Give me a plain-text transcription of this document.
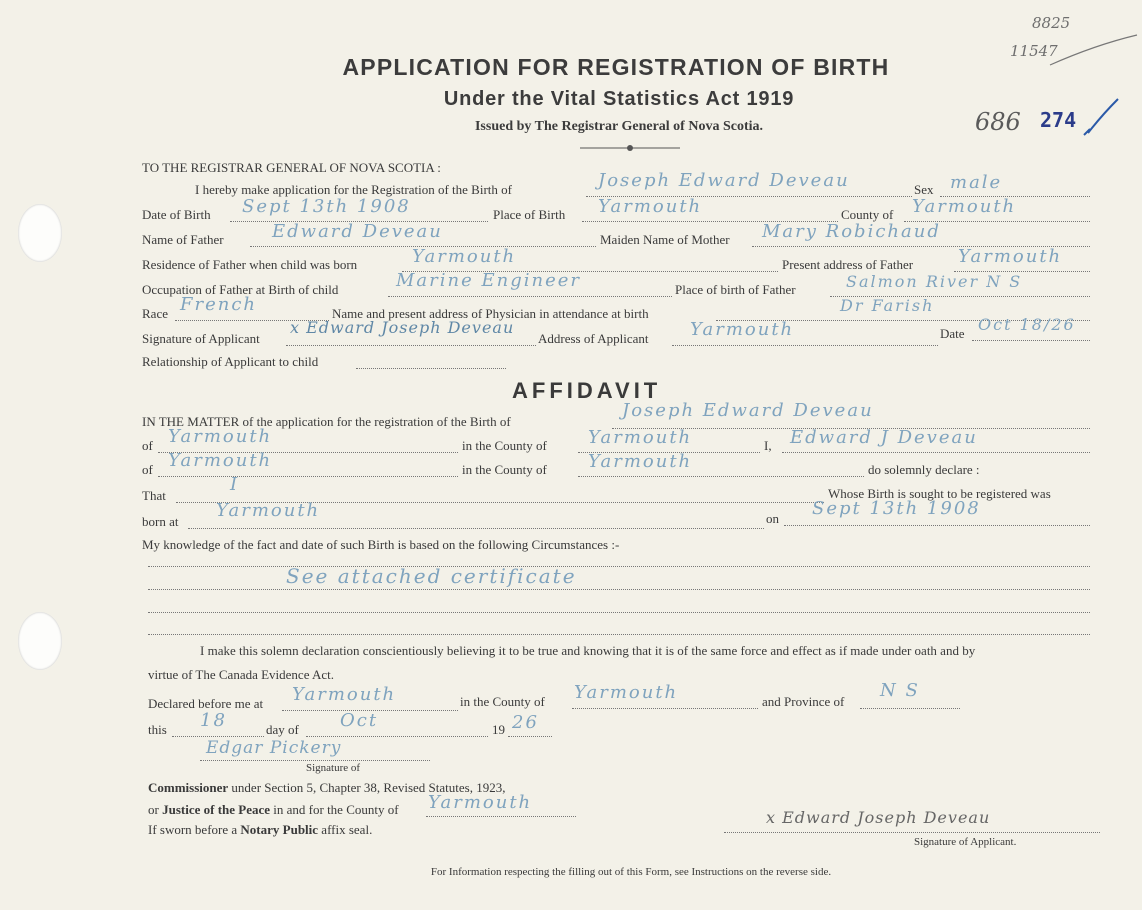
8825
11547
686 274
APPLICATION FOR REGISTRATION OF BIRTH
Under the Vital Statistics Act 1919
Issued by The Registrar General of Nova Scotia.
TO THE REGISTRAR GENERAL OF NOVA SCOTIA :
I hereby make application for the Registration of the Birth of	Joseph Edward Deveau	Sex male
Date of Birth Sept 13th 1908	Place of Birth Yarmouth	County of Yarmouth
Name of Father	Edward Deveau	Maiden Name of Mother Mary Robichaud
Residence of Father when child was born	Yarmouth	Present address of Father Yarmouth
Occupation of Father at Birth of child	Marine Engineer	Place of birth of Father	Salmon River N S
Race French	Name and present address of Physician in attendance at birth	Dr Farish
Signature of Applicant
x Edward Joseph Deveau
Address of Applicant Yarmouth	Date Oct 18/26
Relationship of Applicant to child
AFFIDAVIT
IN THE MATTER of the application for the registration of the Birth of
Joseph Edward Deveau
of Yarmouth	in the County of Yarmouth	I, Edward J Deveau
of Yarmouth	in the County of Yarmouth	do solemnly declare :
That
I	Whose Birth is sought to be registered was
born at
Yarmouth	on Sept 13th 1908
My knowledge of the fact and date of such Birth is based on the following Circumstances :-
See attached certificate
I make this solemn declaration conscientiously believing it to be true and knowing that it is of the same force and effect as if made under oath and by
virtue of The Canada Evidence Act.
Declared before me at Yarmouth	in the County of Yarmouth	and Province of
N S
this 18	day of Oct	19 26
Edgar Pickery
Signature of
Commissioner under Section 5, Chapter 38, Revised Statutes, 1923,
or Justice of the Peace in and for the County of Yarmouth
If sworn before a Notary Public affix seal.
x Edward Joseph Deveau
Signature of Applicant.
For Information respecting the filling out of this Form, see Instructions on the reverse side.
